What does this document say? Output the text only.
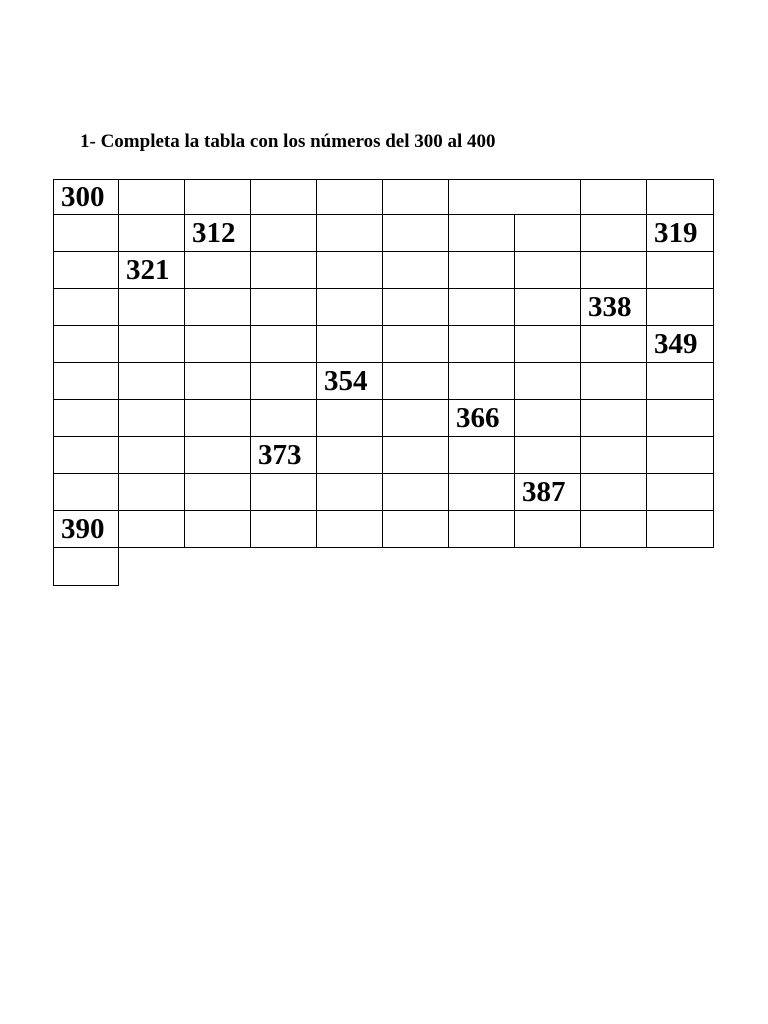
1- Completa la tabla con los números del 300 al 400
300
312	319
321
338
349
354
366
373
387
390
